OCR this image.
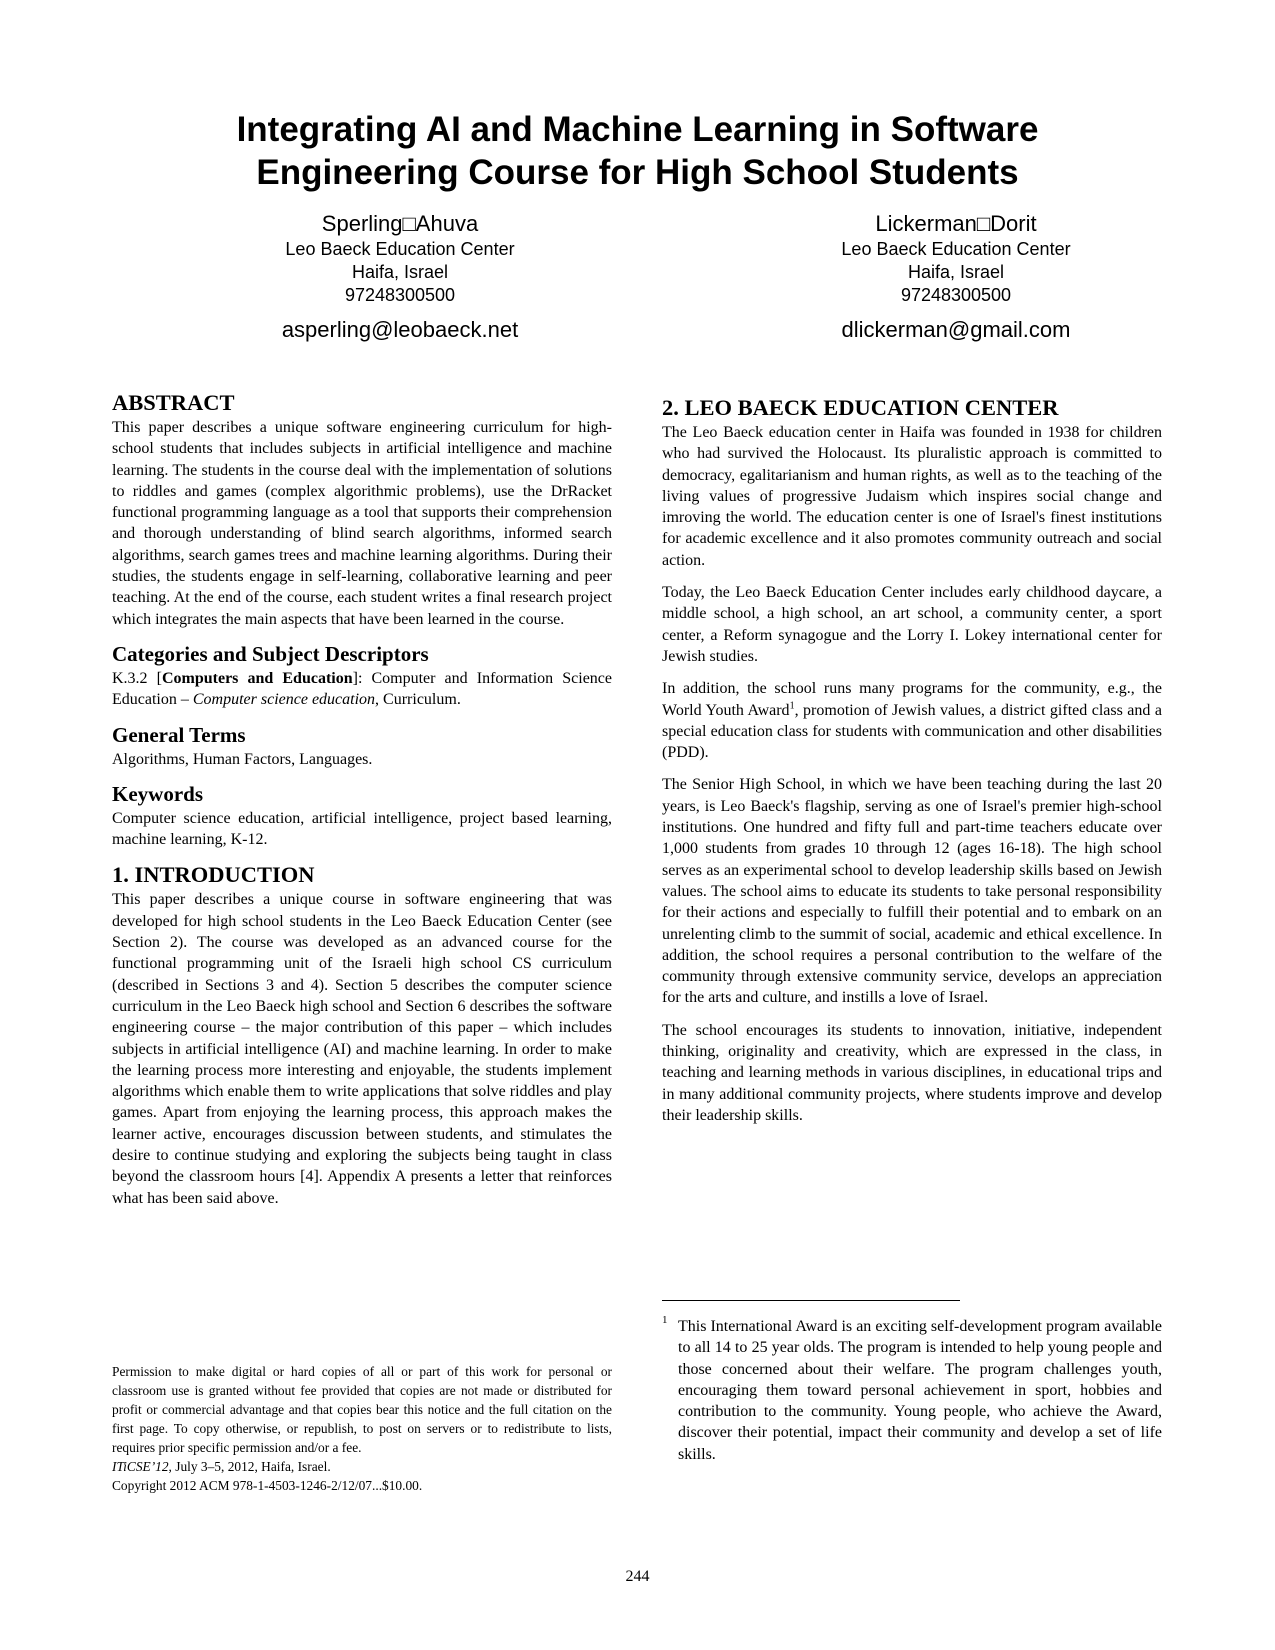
Integrating AI and Machine Learning in Software
Engineering Course for High School Students
Sperling□Ahuva
Leo Baeck Education Center
Haifa, Israel
97248300500
asperling@leobaeck.net
Lickerman□Dorit
Leo Baeck Education Center
Haifa, Israel
97248300500
dlickerman@gmail.com
ABSTRACT

This paper describes a unique software engineering curriculum for high-school students that includes subjects in artificial intelligence and machine learning. The students in the course deal with the implementation of solutions to riddles and games (complex algorithmic problems), use the DrRacket functional programming language as a tool that supports their comprehension and thorough understanding of blind search algorithms, informed search algorithms, search games trees and machine learning algorithms. During their studies, the students engage in self-learning, collaborative learning and peer teaching. At the end of the course, each student writes a final research project which integrates the main aspects that have been learned in the course.

Categories and Subject Descriptors

K.3.2 [Computers and Education]: Computer and Information Science Education – Computer science education, Curriculum.

General Terms

Algorithms, Human Factors, Languages.

Keywords

Computer science education, artificial intelligence, project based learning, machine learning, K-12.

1. INTRODUCTION

This paper describes a unique course in software engineering that was developed for high school students in the Leo Baeck Education Center (see Section 2). The course was developed as an advanced course for the functional programming unit of the Israeli high school CS curriculum (described in Sections 3 and 4). Section 5 describes the computer science curriculum in the Leo Baeck high school and Section 6 describes the software engineering course – the major contribution of this paper – which includes subjects in artificial intelligence (AI) and machine learning. In order to make the learning process more interesting and enjoyable, the students implement algorithms which enable them to write applications that solve riddles and play games. Apart from enjoying the learning process, this approach makes the learner active, encourages discussion between students, and stimulates the desire to continue studying and exploring the subjects being taught in class beyond the classroom hours [4]. Appendix A presents a letter that reinforces what has been said above.

Permission to make digital or hard copies of all or part of this work for personal or classroom use is granted without fee provided that copies are not made or distributed for profit or commercial advantage and that copies bear this notice and the full citation on the first page. To copy otherwise, or republish, to post on servers or to redistribute to lists, requires prior specific permission and/or a fee.

ITiCSE’12, July 3–5, 2012, Haifa, Israel.

Copyright 2012 ACM 978-1-4503-1246-2/12/07...$10.00.

2. LEO BAECK EDUCATION CENTER

The Leo Baeck education center in Haifa was founded in 1938 for children who had survived the Holocaust. Its pluralistic approach is committed to democracy, egalitarianism and human rights, as well as to the teaching of the living values of progressive Judaism which inspires social change and imroving the world. The education center is one of Israel's finest institutions for academic excellence and it also promotes community outreach and social action.

Today, the Leo Baeck Education Center includes early childhood daycare, a middle school, a high school, an art school, a community center, a sport center, a Reform synagogue and the Lorry I. Lokey international center for Jewish studies.

In addition, the school runs many programs for the community, e.g., the World Youth Award$^1$, promotion of Jewish values, a district gifted class and a special education class for students with communication and other disabilities (PDD).

The Senior High School, in which we have been teaching during the last 20 years, is Leo Baeck's flagship, serving as one of Israel's premier high-school institutions. One hundred and fifty full and part-time teachers educate over 1,000 students from grades 10 through 12 (ages 16-18). The high school serves as an experimental school to develop leadership skills based on Jewish values. The school aims to educate its students to take personal responsibility for their actions and especially to fulfill their potential and to embark on an unrelenting climb to the summit of social, academic and ethical excellence. In addition, the school requires a personal contribution to the welfare of the community through extensive community service, develops an appreciation for the arts and culture, and instills a love of Israel.

The school encourages its students to innovation, initiative, independent thinking, originality and creativity, which are expressed in the class, in teaching and learning methods in various disciplines, in educational trips and in many additional community projects, where students improve and develop their leadership skills.

1 This International Award is an exciting self-development program available to all 14 to 25 year olds. The program is intended to help young people and those concerned about their welfare. The program challenges youth, encouraging them toward personal achievement in sport, hobbies and contribution to the community. Young people, who achieve the Award, discover their potential, impact their community and develop a set of life skills.
244
